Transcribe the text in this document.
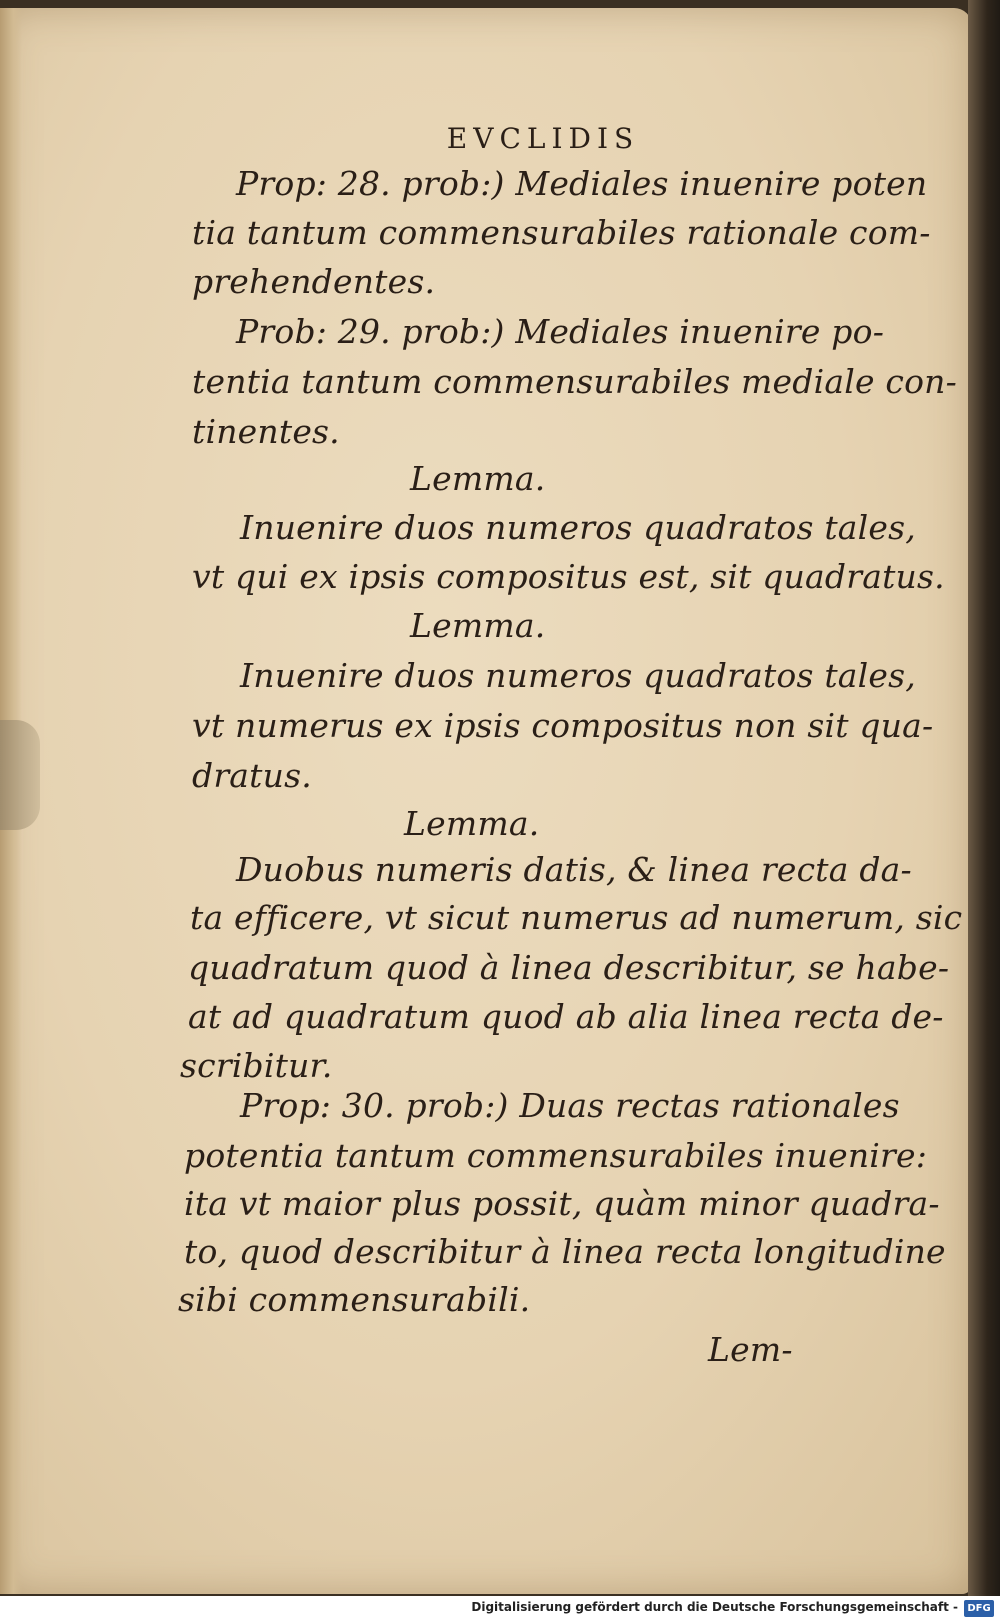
EVCLIDIS
Prop: 28. prob:) Mediales inuenire poten
tia tantum commensurabiles rationale com-
prehendentes.
Prob: 29. prob:) Mediales inuenire po-
tentia tantum commensurabiles mediale con-
tinentes.
Lemma.
Inuenire duos numeros quadratos tales,
vt qui ex ipsis compositus est, sit quadratus.
Lemma.
Inuenire duos numeros quadratos tales,
vt numerus ex ipsis compositus non sit qua-
dratus.
Lemma.
Duobus numeris datis, & linea recta da-
ta efficere, vt sicut numerus ad numerum, sic
quadratum quod à linea describitur, se habe-
at ad quadratum quod ab alia linea recta de-
scribitur.
Prop: 30. prob:) Duas rectas rationales
potentia tantum commensurabiles inuenire:
ita vt maior plus possit, quàm minor quadra-
to, quod describitur à linea recta longitudine
sibi commensurabili.
Lem-
Digitalisierung gefördert durch die Deutsche Forschungsgemeinschaft - DFG
